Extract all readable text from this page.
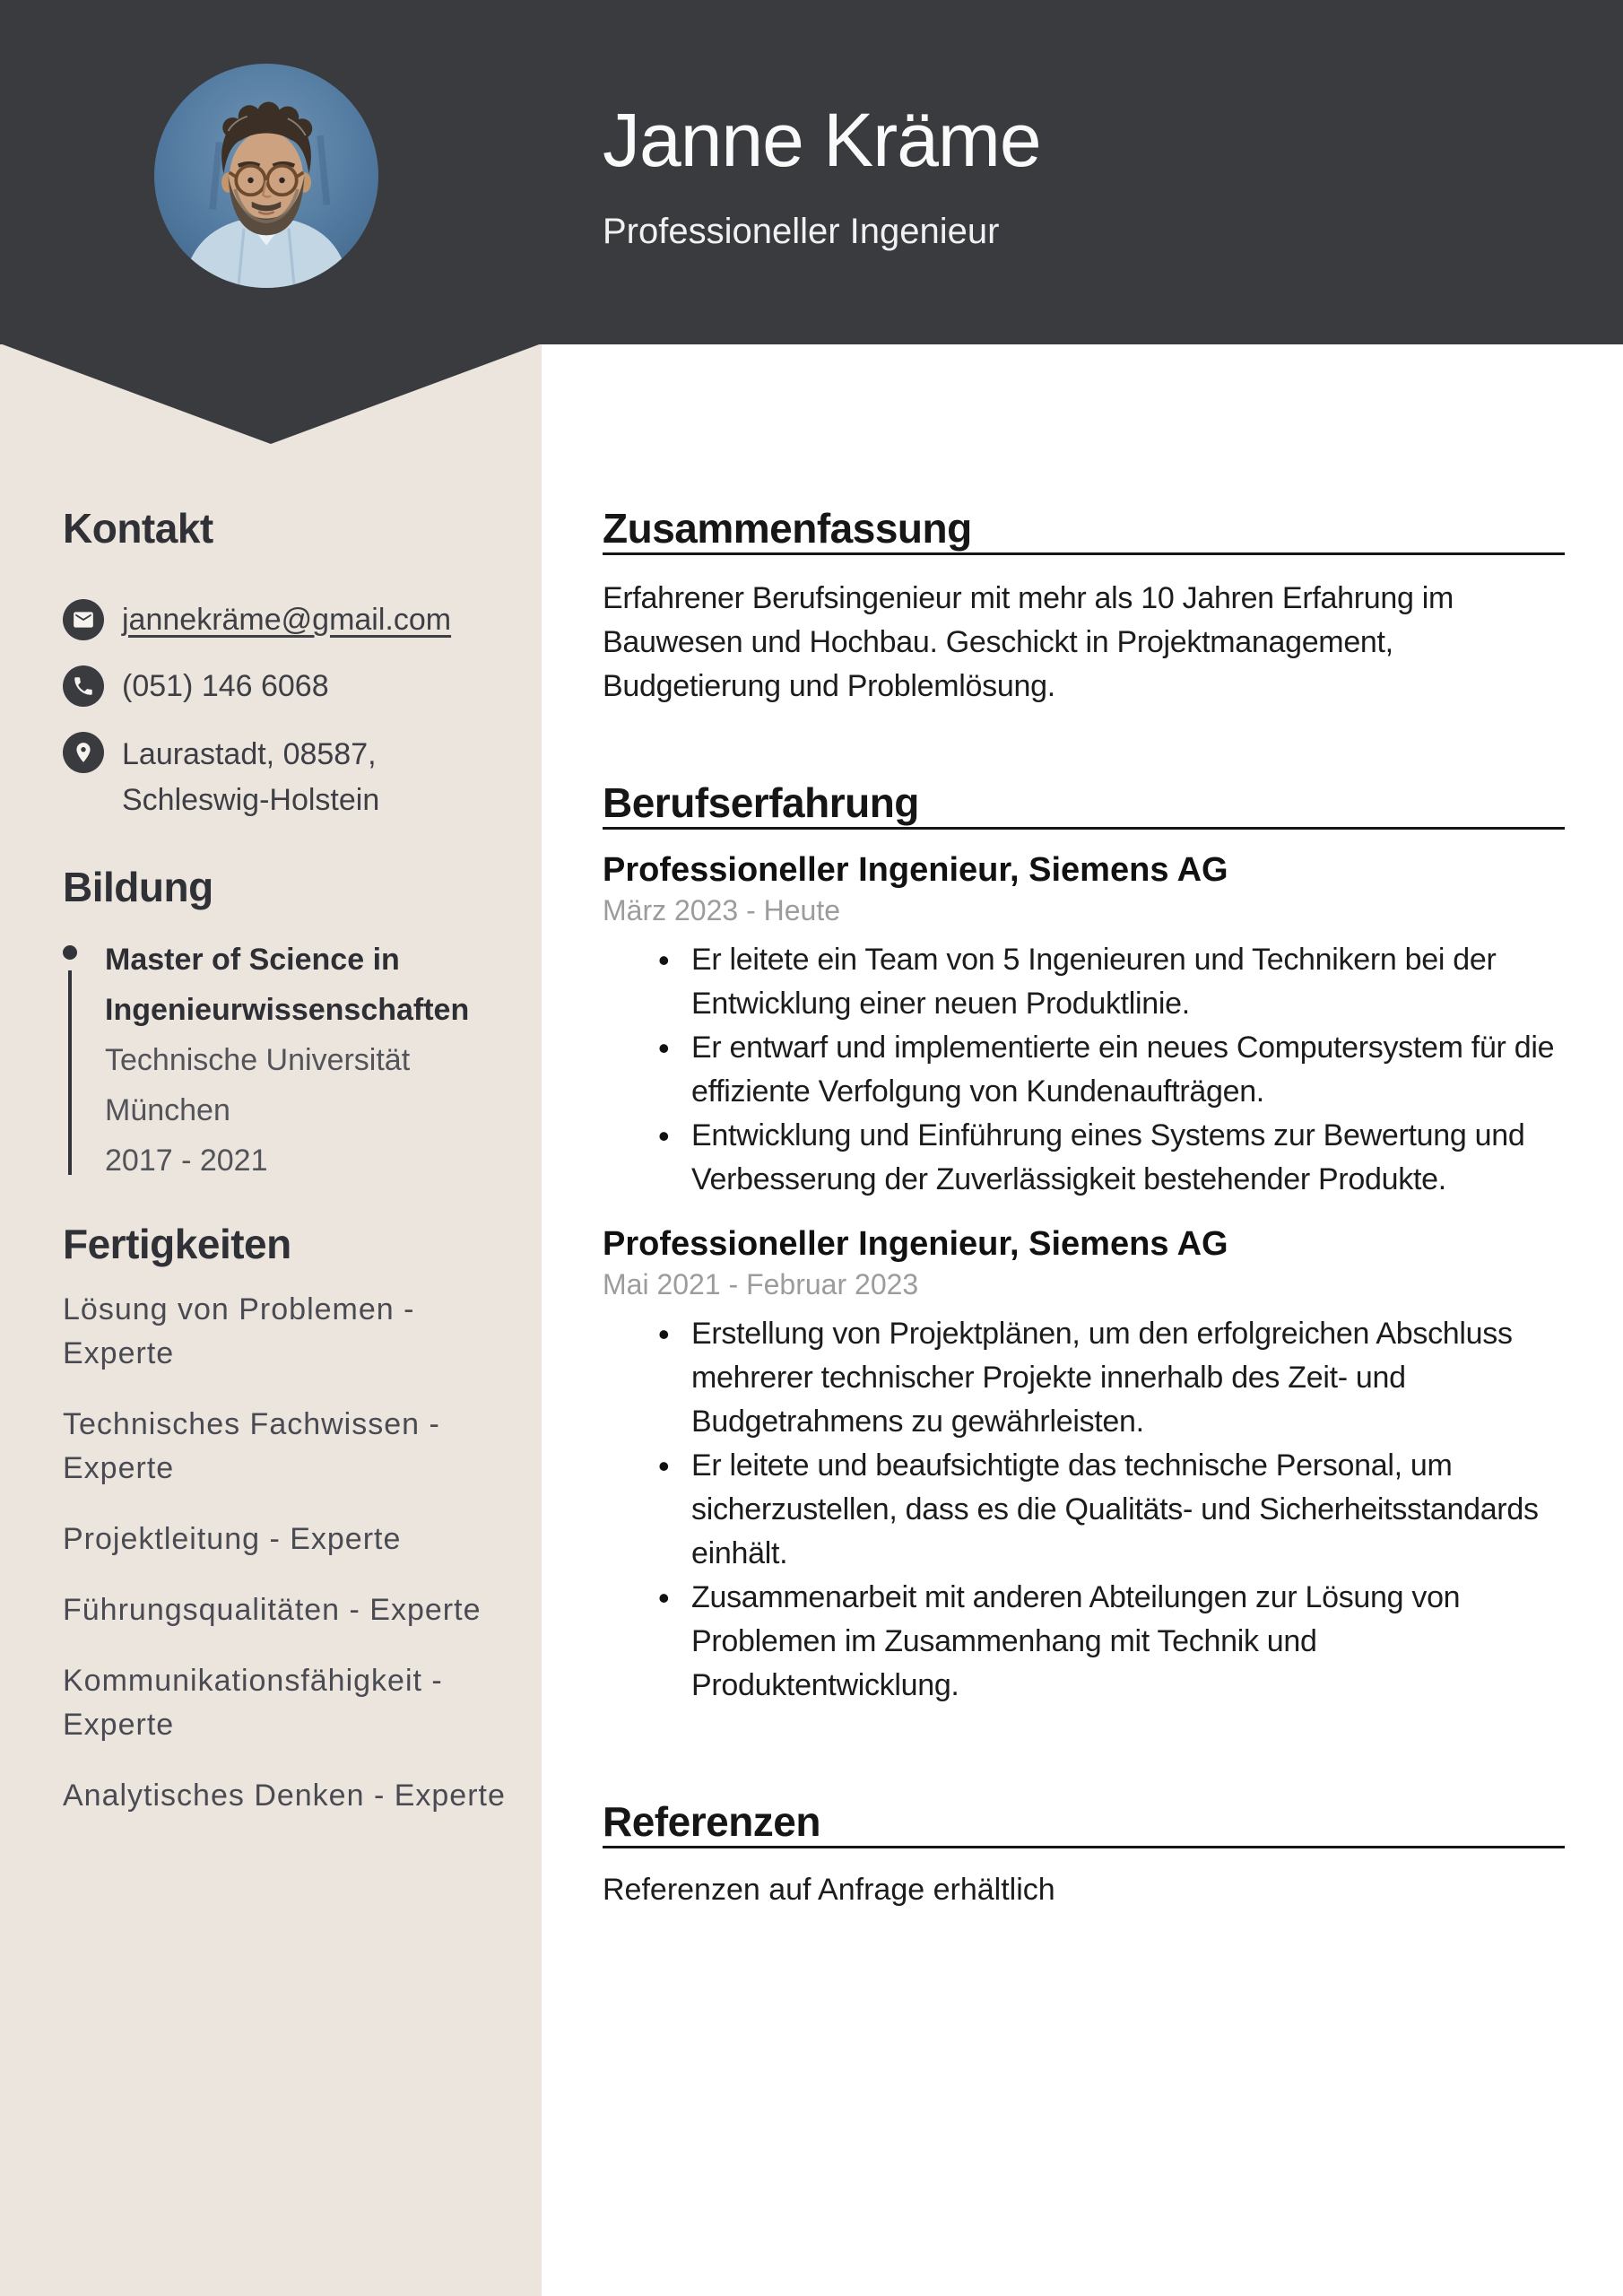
Janne Kräme
Professioneller Ingenieur
Kontakt
jannekräme@gmail.com
(051) 146 6068
Laurastadt, 08587, Schleswig-Holstein
Bildung
Master of Science in Ingenieurwissenschaften
Technische Universität München
2017 - 2021
Fertigkeiten
Lösung von Problemen - Experte
Technisches Fachwissen - Experte
Projektleitung - Experte
Führungsqualitäten - Experte
Kommunikationsfähigkeit - Experte
Analytisches Denken - Experte
Zusammenfassung

Erfahrener Berufsingenieur mit mehr als 10 Jahren Erfahrung im Bauwesen und Hochbau. Geschickt in Projektmanagement, Budgetierung und Problemlösung.

Berufserfahrung
Professioneller Ingenieur, Siemens AG
März 2023 - Heute
• Er leitete ein Team von 5 Ingenieuren und Technikern bei der Entwicklung einer neuen Produktlinie.
• Er entwarf und implementierte ein neues Computersystem für die effiziente Verfolgung von Kundenaufträgen.
• Entwicklung und Einführung eines Systems zur Bewertung und Verbesserung der Zuverlässigkeit bestehender Produkte.
Professioneller Ingenieur, Siemens AG
Mai 2021 - Februar 2023
• Erstellung von Projektplänen, um den erfolgreichen Abschluss mehrerer technischer Projekte innerhalb des Zeit- und Budgetrahmens zu gewährleisten.
• Er leitete und beaufsichtigte das technische Personal, um sicherzustellen, dass es die Qualitäts- und Sicherheitsstandards einhält.
• Zusammenarbeit mit anderen Abteilungen zur Lösung von Problemen im Zusammenhang mit Technik und Produktentwicklung.
Referenzen

Referenzen auf Anfrage erhältlich
